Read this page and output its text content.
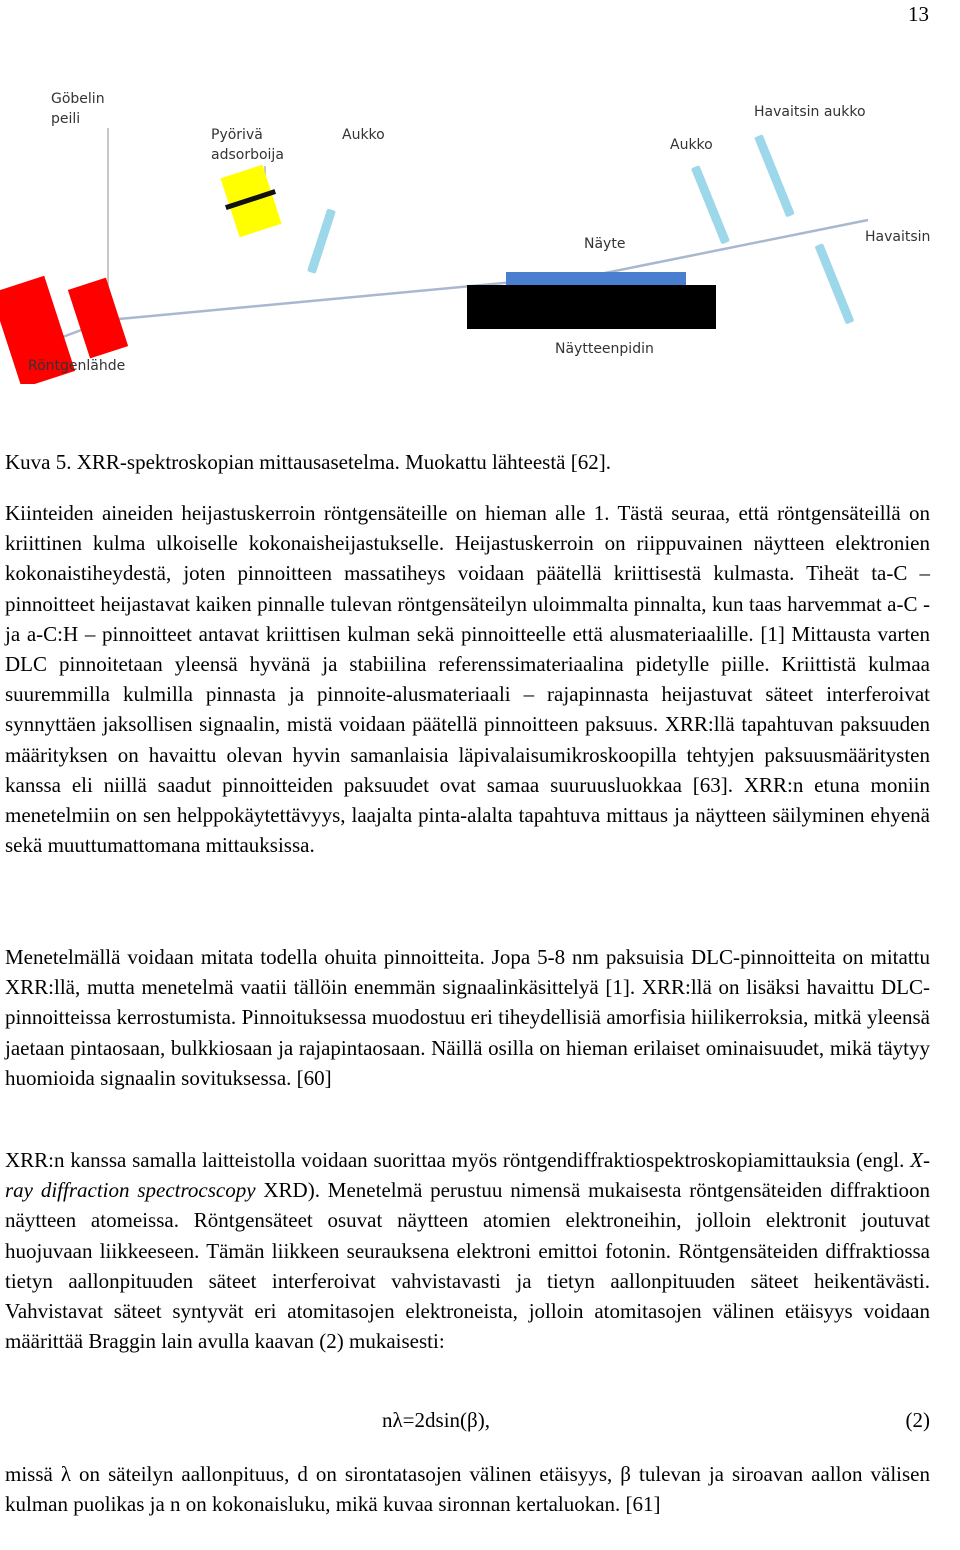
13
Göbelin
peili
Pyörivä
adsorboija
Aukko
Aukko
Havaitsin aukko
Havaitsin
Näyte
Näytteenpidin
Röntgenlähde
Kuva 5. XRR-spektroskopian mittausasetelma. Muokattu lähteestä [62].

Kiinteiden aineiden heijastuskerroin röntgensäteille on hieman alle 1. Tästä seuraa, että röntgensäteillä on kriittinen kulma ulkoiselle kokonaisheijastukselle. Heijastuskerroin on riippuvainen näytteen elektronien kokonaistiheydestä, joten pinnoitteen massatiheys voidaan päätellä kriittisestä kulmasta. Tiheät ta-C –pinnoitteet heijastavat kaiken pinnalle tulevan röntgensäteilyn uloimmalta pinnalta, kun taas harvemmat a-C - ja a-C:H – pinnoitteet antavat kriittisen kulman sekä pinnoitteelle että alusmateriaalille. [1] Mittausta varten DLC pinnoitetaan yleensä hyvänä ja stabiilina referenssimateriaalina pidetylle piille. Kriittistä kulmaa suuremmilla kulmilla pinnasta ja pinnoite-alusmateriaali – rajapinnasta heijastuvat säteet interferoivat synnyttäen jaksollisen signaalin, mistä voidaan päätellä pinnoitteen paksuus. XRR:llä tapahtuvan paksuuden määrityksen on havaittu olevan hyvin samanlaisia läpivalaisumikroskoopilla tehtyjen paksuusmääritysten kanssa eli niillä saadut pinnoitteiden paksuudet ovat samaa suuruusluokkaa [63]. XRR:n etuna moniin menetelmiin on sen helppokäytettävyys, laajalta pinta-alalta tapahtuva mittaus ja näytteen säilyminen ehyenä sekä muuttumattomana mittauksissa.

Menetelmällä voidaan mitata todella ohuita pinnoitteita. Jopa 5-8 nm paksuisia DLC-pinnoitteita on mitattu XRR:llä, mutta menetelmä vaatii tällöin enemmän signaalinkäsittelyä [1]. XRR:llä on lisäksi havaittu DLC-pinnoitteissa kerrostumista. Pinnoituksessa muodostuu eri tiheydellisiä amorfisia hiilikerroksia, mitkä yleensä jaetaan pintaosaan, bulkkiosaan ja rajapintaosaan. Näillä osilla on hieman erilaiset ominaisuudet, mikä täytyy huomioida signaalin sovituksessa. [60]

XRR:n kanssa samalla laitteistolla voidaan suorittaa myös röntgendiffraktiospektroskopiamittauksia (engl. X-ray diffraction spectrocscopy XRD). Menetelmä perustuu nimensä mukaisesta röntgensäteiden diffraktioon näytteen atomeissa. Röntgensäteet osuvat näytteen atomien elektroneihin, jolloin elektronit joutuvat huojuvaan liikkeeseen. Tämän liikkeen seurauksena elektroni emittoi fotonin. Röntgensäteiden diffraktiossa tietyn aallonpituuden säteet interferoivat vahvistavasti ja tietyn aallonpituuden säteet heikentävästi. Vahvistavat säteet syntyvät eri atomitasojen elektroneista, jolloin atomitasojen välinen etäisyys voidaan määrittää Braggin lain avulla kaavan (2) mukaisesti:

nλ=2dsin(β),	(2)

missä λ on säteilyn aallonpituus, d on sirontatasojen välinen etäisyys, β tulevan ja siroavan aallon välisen kulman puolikas ja n on kokonaisluku, mikä kuvaa sironnan kertaluokan. [61]
